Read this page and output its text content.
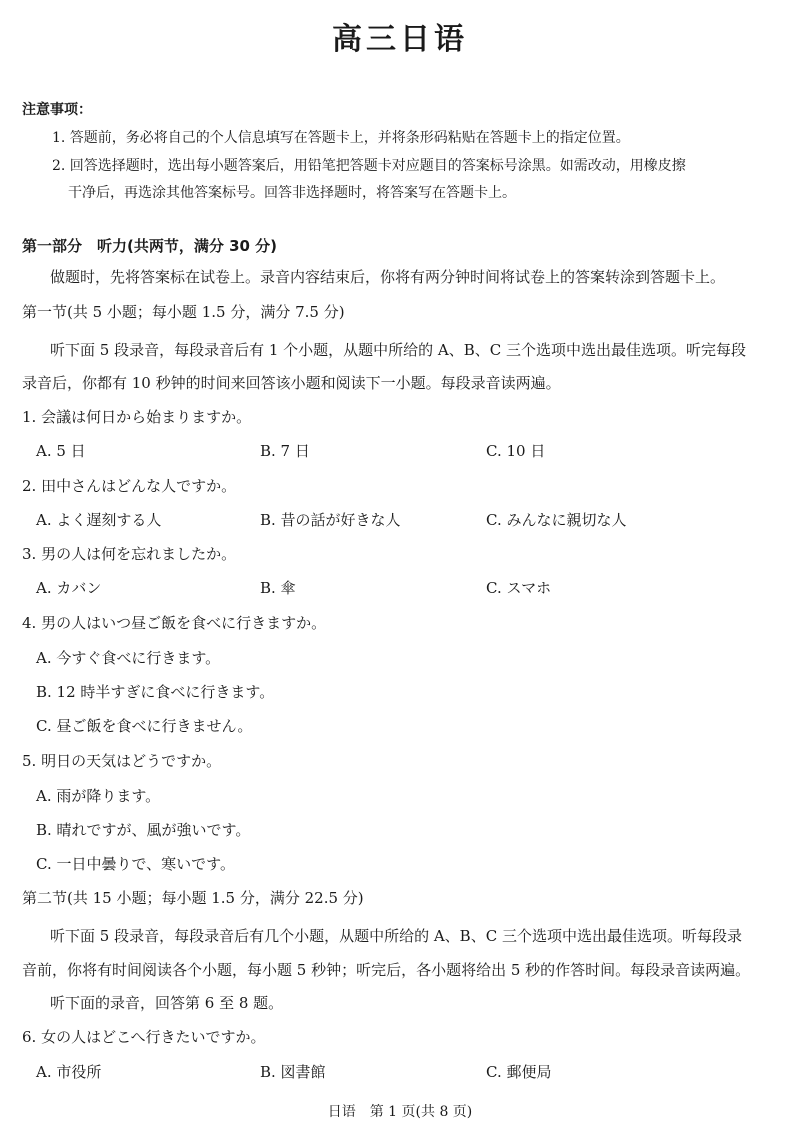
高三日语
注意事项：
1. 答题前，务必将自己的个人信息填写在答题卡上，并将条形码粘贴在答题卡上的指定位置。
2. 回答选择题时，选出每小题答案后，用铅笔把答题卡对应题目的答案标号涂黑。如需改动，用橡皮擦
干净后，再选涂其他答案标号。回答非选择题时，将答案写在答题卡上。
第一部分　听力(共两节，满分 30 分)
做题时，先将答案标在试卷上。录音内容结束后，你将有两分钟时间将试卷上的答案转涂到答题卡上。
第一节(共 5 小题；每小题 1.5 分，满分 7.5 分)
听下面 5 段录音，每段录音后有 1 个小题，从题中所给的 A、B、C 三个选项中选出最佳选项。听完每段
录音后，你都有 10 秒钟的时间来回答该小题和阅读下一小题。每段录音读两遍。
1. 会議は何日から始まりますか。
A. 5 日	B. 7 日	C. 10 日
2. 田中さんはどんな人ですか。
A. よく遅刻する人	B. 昔の話が好きな人	C. みんなに親切な人
3. 男の人は何を忘れましたか。
A. カバン	B. 傘	C. スマホ
4. 男の人はいつ昼ご飯を食べに行きますか。
A. 今すぐ食べに行きます。
B. 12 時半すぎに食べに行きます。
C. 昼ご飯を食べに行きません。
5. 明日の天気はどうですか。
A. 雨が降ります。
B. 晴れですが、風が強いです。
C. 一日中曇りで、寒いです。
第二节(共 15 小题；每小题 1.5 分，满分 22.5 分)
听下面 5 段录音，每段录音后有几个小题，从题中所给的 A、B、C 三个选项中选出最佳选项。听每段录
音前，你将有时间阅读各个小题，每小题 5 秒钟；听完后，各小题将给出 5 秒的作答时间。每段录音读两遍。
听下面的录音，回答第 6 至 8 题。
6. 女の人はどこへ行きたいですか。
A. 市役所	B. 図書館	C. 郵便局
日语　第 1 页(共 8 页)
